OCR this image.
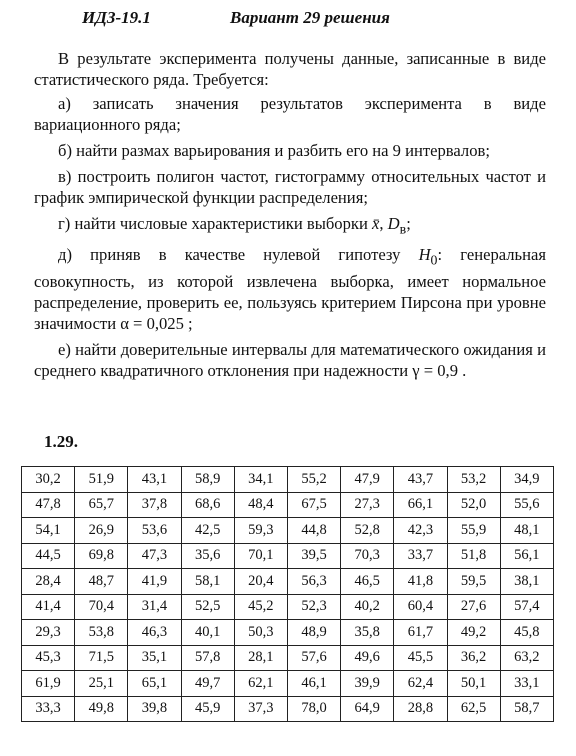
ИДЗ-19.1	Вариант 29 решения

В результате эксперимента получены данные, записанные в виде статистического ряда. Требуется:

а) записать значения результатов эксперимента в виде вариационного ряда;

б) найти размах варьирования и разбить его на 9 интервалов;

в) построить полигон частот, гистограмму относительных частот и график эмпирической функции распределения;

г) найти числовые характеристики выборки x̄, $D_в$;

д) приняв в качестве нулевой гипотезу $H_0$: генеральная совокупность, из которой извлечена выборка, имеет нормальное распределение, проверить ее, пользуясь критерием Пирсона при уровне значимости α = 0,025 ;

е) найти доверительные интервалы для математического ожидания и среднего квадратичного отклонения при надежности γ = 0,9 .

1.29.
30,2	51,9	43,1	58,9	34,1	55,2	47,9	43,7	53,2	34,9
47,8	65,7	37,8	68,6	48,4	67,5	27,3	66,1	52,0	55,6
54,1	26,9	53,6	42,5	59,3	44,8	52,8	42,3	55,9	48,1
44,5	69,8	47,3	35,6	70,1	39,5	70,3	33,7	51,8	56,1
28,4	48,7	41,9	58,1	20,4	56,3	46,5	41,8	59,5	38,1
41,4	70,4	31,4	52,5	45,2	52,3	40,2	60,4	27,6	57,4
29,3	53,8	46,3	40,1	50,3	48,9	35,8	61,7	49,2	45,8
45,3	71,5	35,1	57,8	28,1	57,6	49,6	45,5	36,2	63,2
61,9	25,1	65,1	49,7	62,1	46,1	39,9	62,4	50,1	33,1
33,3	49,8	39,8	45,9	37,3	78,0	64,9	28,8	62,5	58,7
